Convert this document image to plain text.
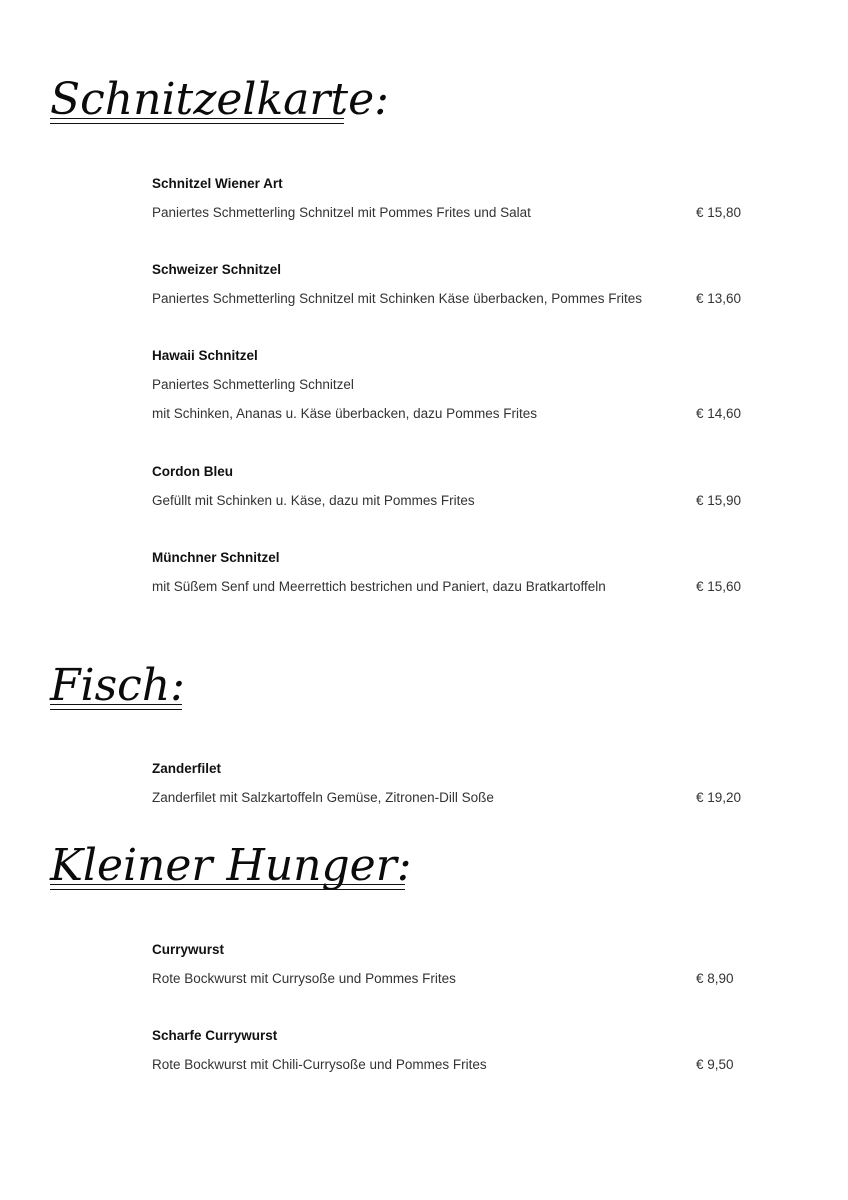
Schnitzelkarte:
Schnitzel Wiener Art
Paniertes Schmetterling Schnitzel mit Pommes Frites und Salat	€ 15,80
Schweizer Schnitzel
Paniertes Schmetterling Schnitzel mit Schinken Käse überbacken, Pommes Frites	€ 13,60
Hawaii Schnitzel
Paniertes Schmetterling Schnitzel
mit Schinken, Ananas u. Käse überbacken, dazu Pommes Frites	€ 14,60
Cordon Bleu
Gefüllt mit Schinken u. Käse, dazu mit Pommes Frites	€ 15,90
Münchner Schnitzel
mit Süßem Senf und Meerrettich bestrichen und Paniert, dazu Bratkartoffeln	€ 15,60
Fisch:
Zanderfilet
Zanderfilet mit Salzkartoffeln Gemüse, Zitronen-Dill Soße	€ 19,20
Kleiner Hunger:
Currywurst
Rote Bockwurst mit Currysoße und Pommes Frites	€ 8,90
Scharfe Currywurst
Rote Bockwurst mit Chili-Currysoße und Pommes Frites	€ 9,50
